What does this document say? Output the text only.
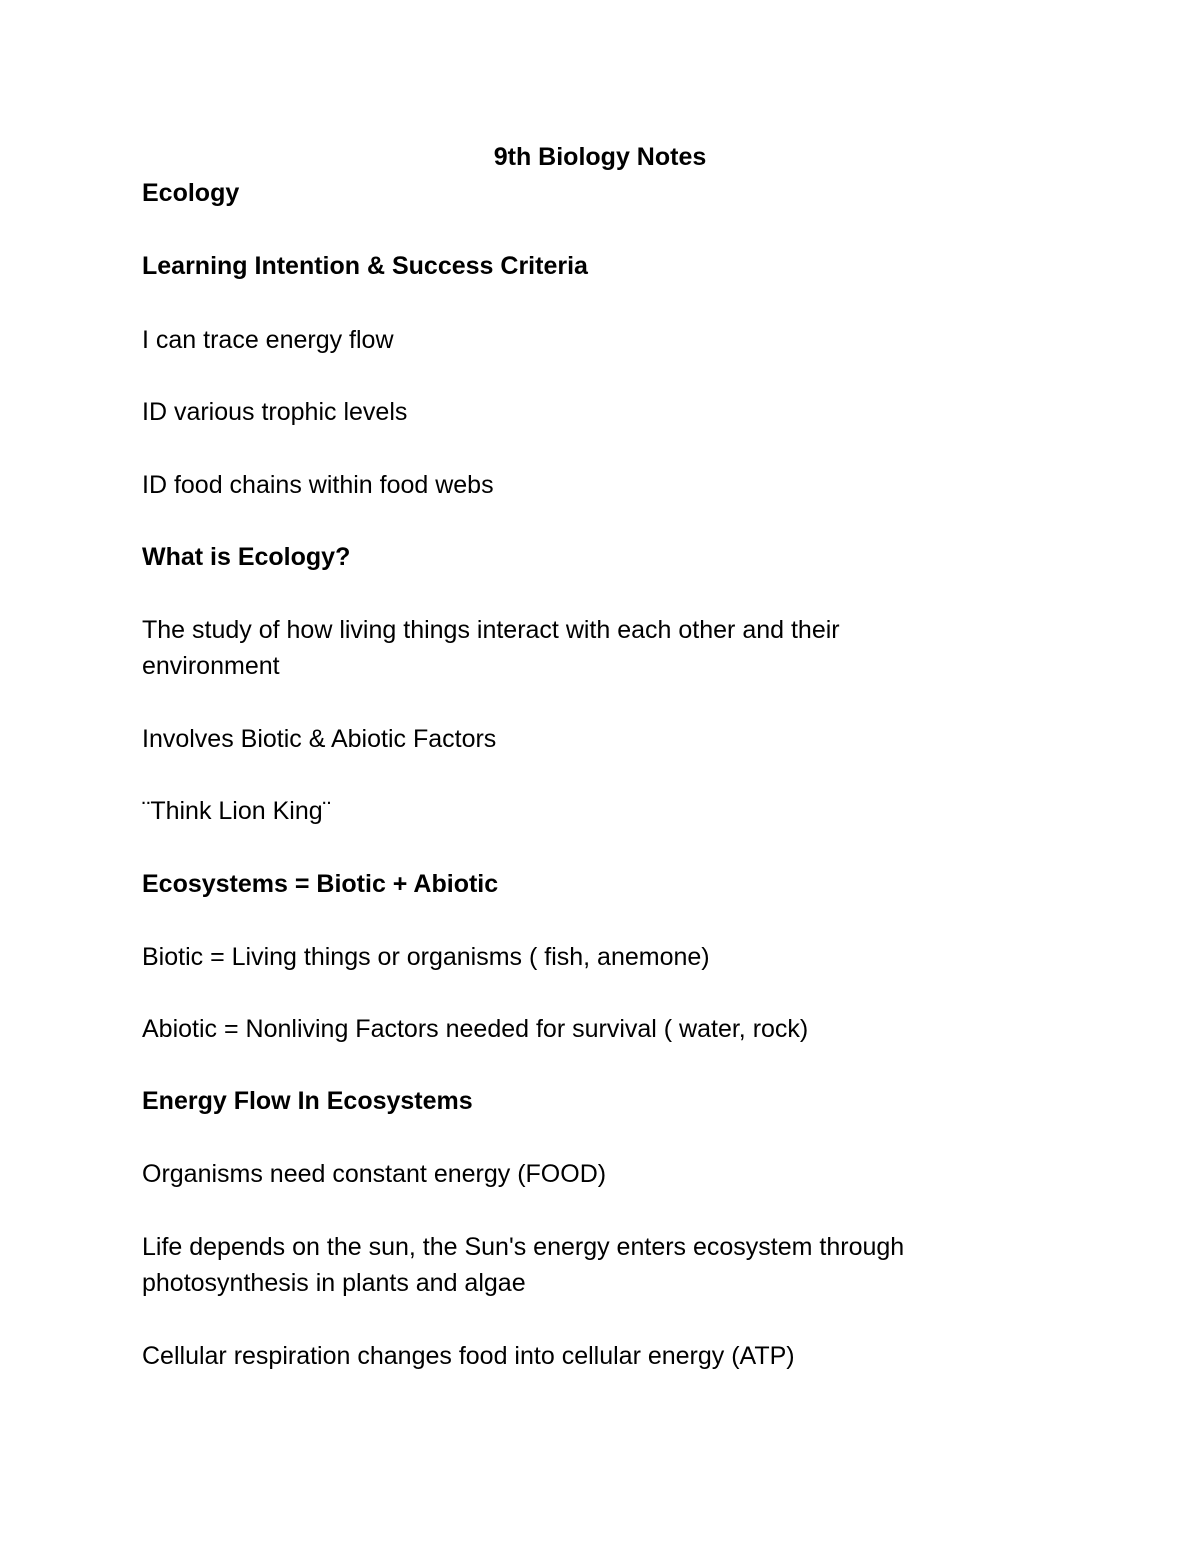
9th Biology Notes
Ecology
Learning Intention & Success Criteria
I can trace energy flow
ID various trophic levels
ID food chains within food webs
What is Ecology?
The study of how living things interact with each other and their
environment
Involves Biotic & Abiotic Factors
¨Think Lion King¨
Ecosystems = Biotic + Abiotic
Biotic = Living things or organisms ( fish, anemone)
Abiotic = Nonliving Factors needed for survival ( water, rock)
Energy Flow In Ecosystems
Organisms need constant energy (FOOD)
Life depends on the sun, the Sun's energy enters ecosystem through
photosynthesis in plants and algae
Cellular respiration changes food into cellular energy (ATP)
